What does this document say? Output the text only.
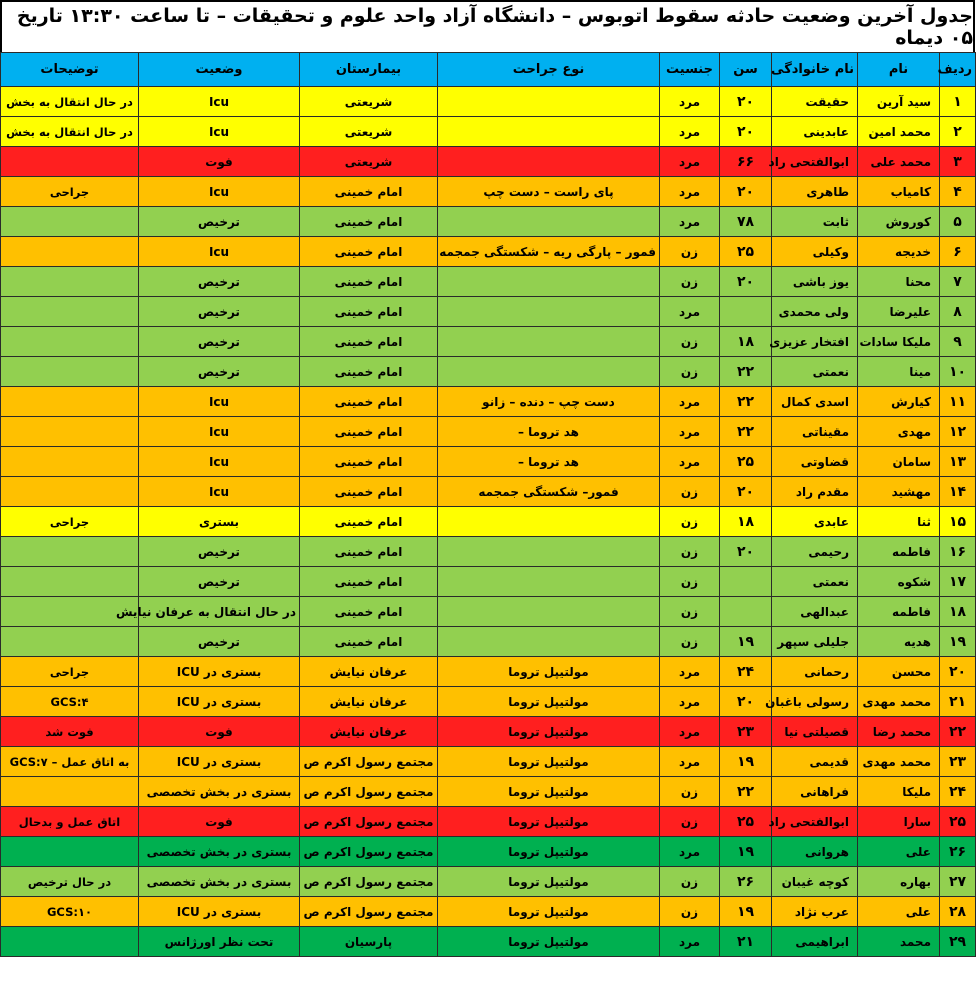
جدول آخرین وضعیت حادثه سقوط اتوبوس – دانشگاه آزاد واحد علوم و تحقیقات – تا ساعت ۱۳:۳۰ تاریخ ۰۵ دیماه
ردیف	نام	نام خانوادگی	سن	جنسیت	نوع جراحت	بیمارستان	وضعیت	توضیحات
۱	سید آرین	حقیقت	۲۰	مرد		شریعتی	Icu	در حال انتقال به بخش
۲	محمد امین	عابدینی	۲۰	مرد		شریعتی	Icu	در حال انتقال به بخش
۳	محمد علی	ابوالفتحی راد	۶۶	مرد		شریعتی	فوت	
۴	کامیاب	طاهری	۲۰	مرد	پای راست – دست چپ	امام خمینی	Icu	جراحی
۵	کوروش	ثابت	۷۸	مرد		امام خمینی	ترخیص	
۶	خدیجه	وکیلی	۲۵	زن	فمور – پارگی ریه – شکستگی جمجمه	امام خمینی	Icu	
۷	محنا	یوز باشی	۲۰	زن		امام خمینی	ترخیص	
۸	علیرضا	ولی محمدی		مرد		امام خمینی	ترخیص	
۹	ملیکا سادات	افتخار عزیزی	۱۸	زن		امام خمینی	ترخیص	
۱۰	مینا	نعمتی	۲۲	زن		امام خمینی	ترخیص	
۱۱	کیارش	اسدی کمال	۲۲	مرد	دست چپ – دنده – زانو	امام خمینی	Icu	
۱۲	مهدی	مقیناتی	۲۲	مرد	هد تروما –	امام خمینی	Icu	
۱۳	سامان	قضاوتی	۲۵	مرد	هد تروما –	امام خمینی	Icu	
۱۴	مهشید	مقدم راد	۲۰	زن	فمور– شکستگی جمجمه	امام خمینی	Icu	
۱۵	ثنا	عابدی	۱۸	زن		امام خمینی	بستری	جراحی
۱۶	فاطمه	رحیمی	۲۰	زن		امام خمینی	ترخیص	
۱۷	شکوه	نعمتی		زن		امام خمینی	ترخیص	
۱۸	فاطمه	عبدالهی		زن		امام خمینی	در حال انتقال به عرفان نیایش	
۱۹	هدیه	جلیلی سپهر	۱۹	زن		امام خمینی	ترخیص	
۲۰	محسن	رحمانی	۲۴	مرد	مولتیپل تروما	عرفان نیایش	بستری در ICU	جراحی
۲۱	محمد مهدی	رسولی باغبان	۲۰	مرد	مولتیپل تروما	عرفان نیایش	بستری در ICU	GCS:۴
۲۲	محمد رضا	قصیلتی نیا	۲۳	مرد	مولتیپل تروما	عرفان نیایش	فوت	فوت شد
۲۳	محمد مهدی	قدیمی	۱۹	مرد	مولتیپل تروما	مجتمع رسول اکرم ص	بستری در ICU	به اتاق عمل – GCS:۷
۲۴	ملیکا	فراهانی	۲۲	زن	مولتیپل تروما	مجتمع رسول اکرم ص	بستری در بخش تخصصی	
۲۵	سارا	ابوالفتحی راد	۲۵	زن	مولتیپل تروما	مجتمع رسول اکرم ص	فوت	اتاق عمل و بدحال
۲۶	علی	هروانی	۱۹	مرد	مولتیپل تروما	مجتمع رسول اکرم ص	بستری در بخش تخصصی	
۲۷	بهاره	کوچه غیبان	۲۶	زن	مولتیپل تروما	مجتمع رسول اکرم ص	بستری در بخش تخصصی	در حال ترخیص
۲۸	علی	عرب نژاد	۱۹	زن	مولتیپل تروما	مجتمع رسول اکرم ص	بستری در ICU	GCS:۱۰
۲۹	محمد	ابراهیمی	۲۱	مرد	مولتیپل تروما	پارسیان	تحت نظر اورژانس	
